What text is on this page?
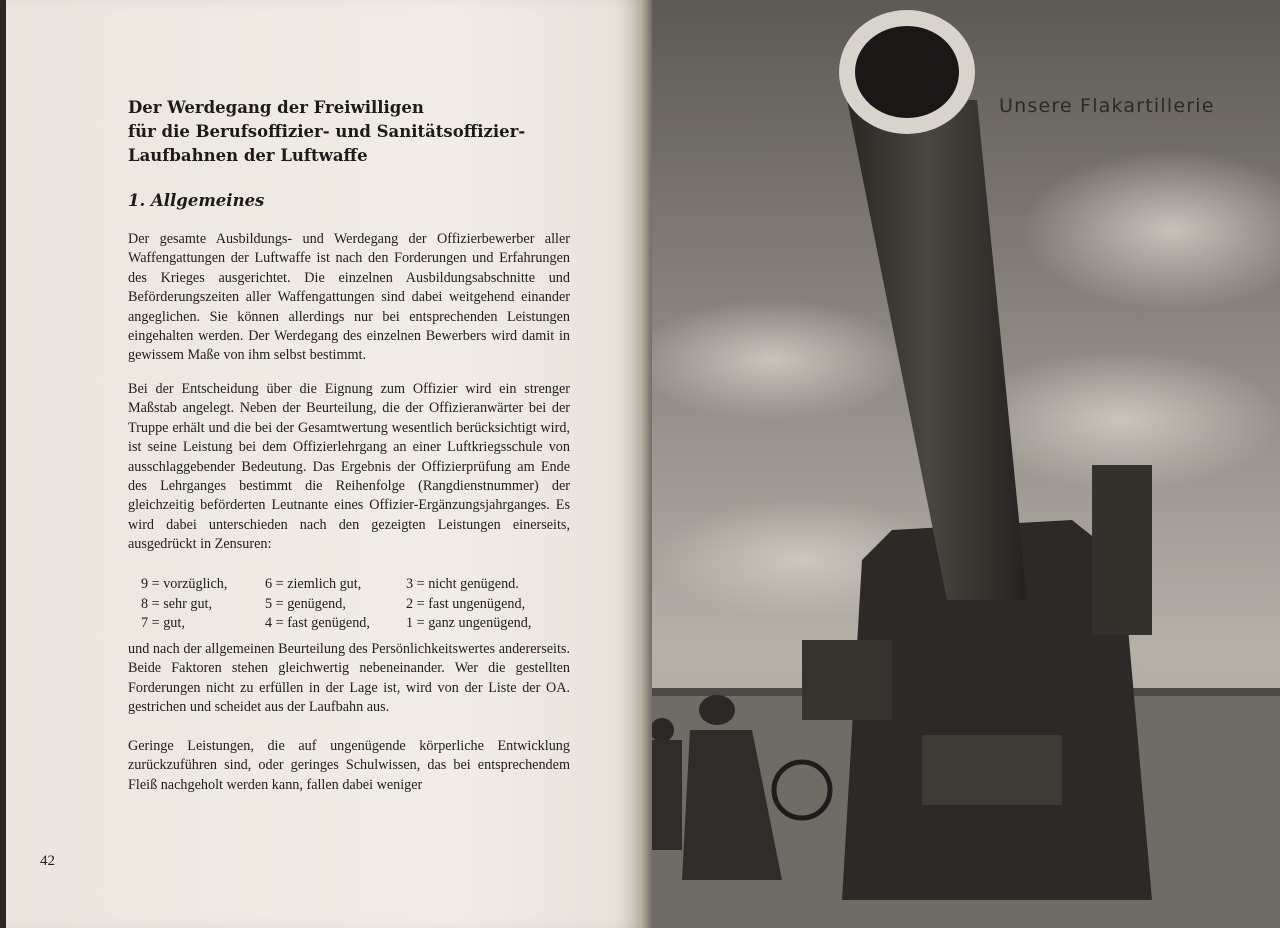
Der Werdegang der Freiwilligen
für die Berufsoffizier- und Sanitätsoffizier-
Laufbahnen der Luftwaffe
1. Allgemeines
Der gesamte Ausbildungs- und Werdegang der Offizierbewerber aller Waffengattungen der Luftwaffe ist nach den Forderungen und Erfahrungen des Krieges ausgerichtet. Die einzelnen Ausbildungsabschnitte und Beförderungszeiten aller Waffengattungen sind dabei weitgehend einander angeglichen. Sie können allerdings nur bei entsprechenden Leistungen eingehalten werden. Der Werdegang des einzelnen Bewerbers wird damit in gewissem Maße von ihm selbst bestimmt.
Bei der Entscheidung über die Eignung zum Offizier wird ein strenger Maßstab angelegt. Neben der Beurteilung, die der Offizieranwärter bei der Truppe erhält und die bei der Gesamtwertung wesentlich berücksichtigt wird, ist seine Leistung bei dem Offizierlehrgang an einer Luftkriegsschule von ausschlaggebender Bedeutung. Das Ergebnis der Offizierprüfung am Ende des Lehrganges bestimmt die Reihenfolge (Rangdienstnummer) der gleichzeitig beförderten Leutnante eines Offizier-Ergänzungsjahrganges. Es wird dabei unterschieden nach den gezeigten Leistungen einerseits, ausgedrückt in Zensuren:
9 = vorzüglich,	6 = ziemlich gut,	3 = nicht genügend.
8 = sehr gut,	5 = genügend,	2 = fast ungenügend,
7 = gut,	4 = fast genügend,	1 = ganz ungenügend,
und nach der allgemeinen Beurteilung des Persönlichkeitswertes andererseits. Beide Faktoren stehen gleichwertig nebeneinander. Wer die gestellten Forderungen nicht zu erfüllen in der Lage ist, wird von der Liste der OA. gestrichen und scheidet aus der Laufbahn aus.
Geringe Leistungen, die auf ungenügende körperliche Entwicklung zurückzuführen sind, oder geringes Schulwissen, das bei entsprechendem Fleiß nachgeholt werden kann, fallen dabei weniger
42
Unsere Flakartillerie
